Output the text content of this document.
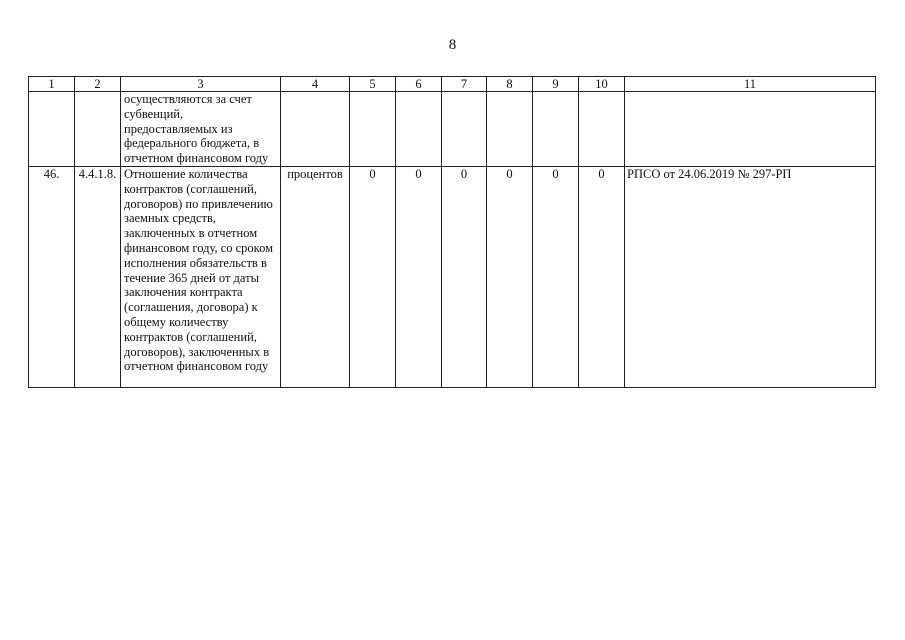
8
1	2	3	4	5	6	7	8	9	10	11
		осуществляются за счет субвенций, предоставляемых из федерального бюджета, в отчетном финансовом году								
46.	4.4.1.8.	Отношение количества контрактов (соглашений, договоров) по привлечению заемных средств, заключенных в отчетном финансовом году, со сроком исполнения обязательств в течение 365 дней от даты заключения контракта (соглашения, договора) к общему количеству контрактов (соглашений, договоров), заключенных в отчетном финансовом году	процентов	0	0	0	0	0	0	РПСО от 24.06.2019 № 297-РП
